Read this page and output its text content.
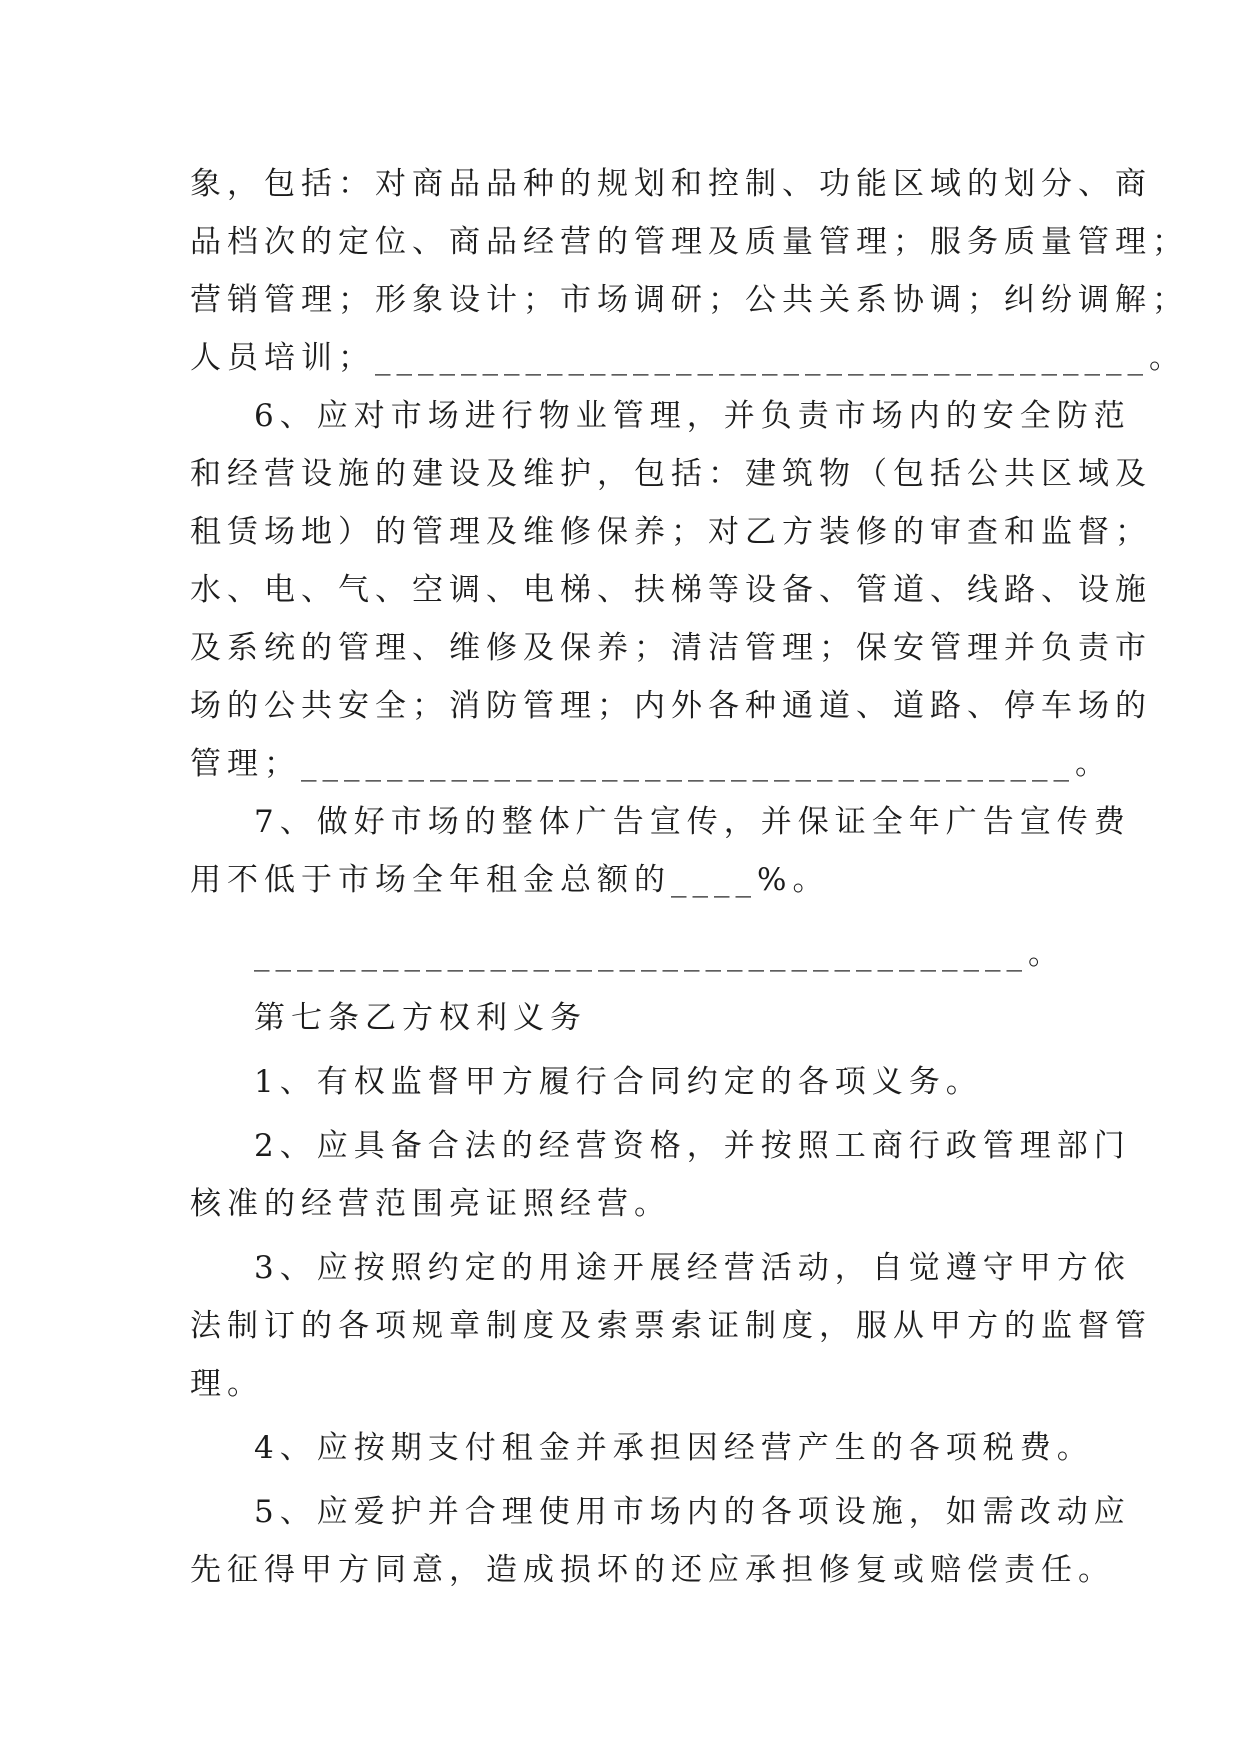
象，包括：对商品品种的规划和控制、功能区域的划分、商
品档次的定位、商品经营的管理及质量管理；服务质量管理；
营销管理；形象设计；市场调研；公共关系协调；纠纷调解；
人员培训；____________________________________。
6、应对市场进行物业管理，并负责市场内的安全防范
和经营设施的建设及维护，包括：建筑物（包括公共区域及
租赁场地）的管理及维修保养；对乙方装修的审查和监督；
水、电、气、空调、电梯、扶梯等设备、管道、线路、设施
及系统的管理、维修及保养；清洁管理；保安管理并负责市
场的公共安全；消防管理；内外各种通道、道路、停车场的
管理；____________________________________。
7、做好市场的整体广告宣传，并保证全年广告宣传费
用不低于市场全年租金总额的____%。
____________________________________。
第七条乙方权利义务
1、有权监督甲方履行合同约定的各项义务。
2、应具备合法的经营资格，并按照工商行政管理部门
核准的经营范围亮证照经营。
3、应按照约定的用途开展经营活动，自觉遵守甲方依
法制订的各项规章制度及索票索证制度，服从甲方的监督管
理。
4、应按期支付租金并承担因经营产生的各项税费。
5、应爱护并合理使用市场内的各项设施，如需改动应
先征得甲方同意，造成损坏的还应承担修复或赔偿责任。
